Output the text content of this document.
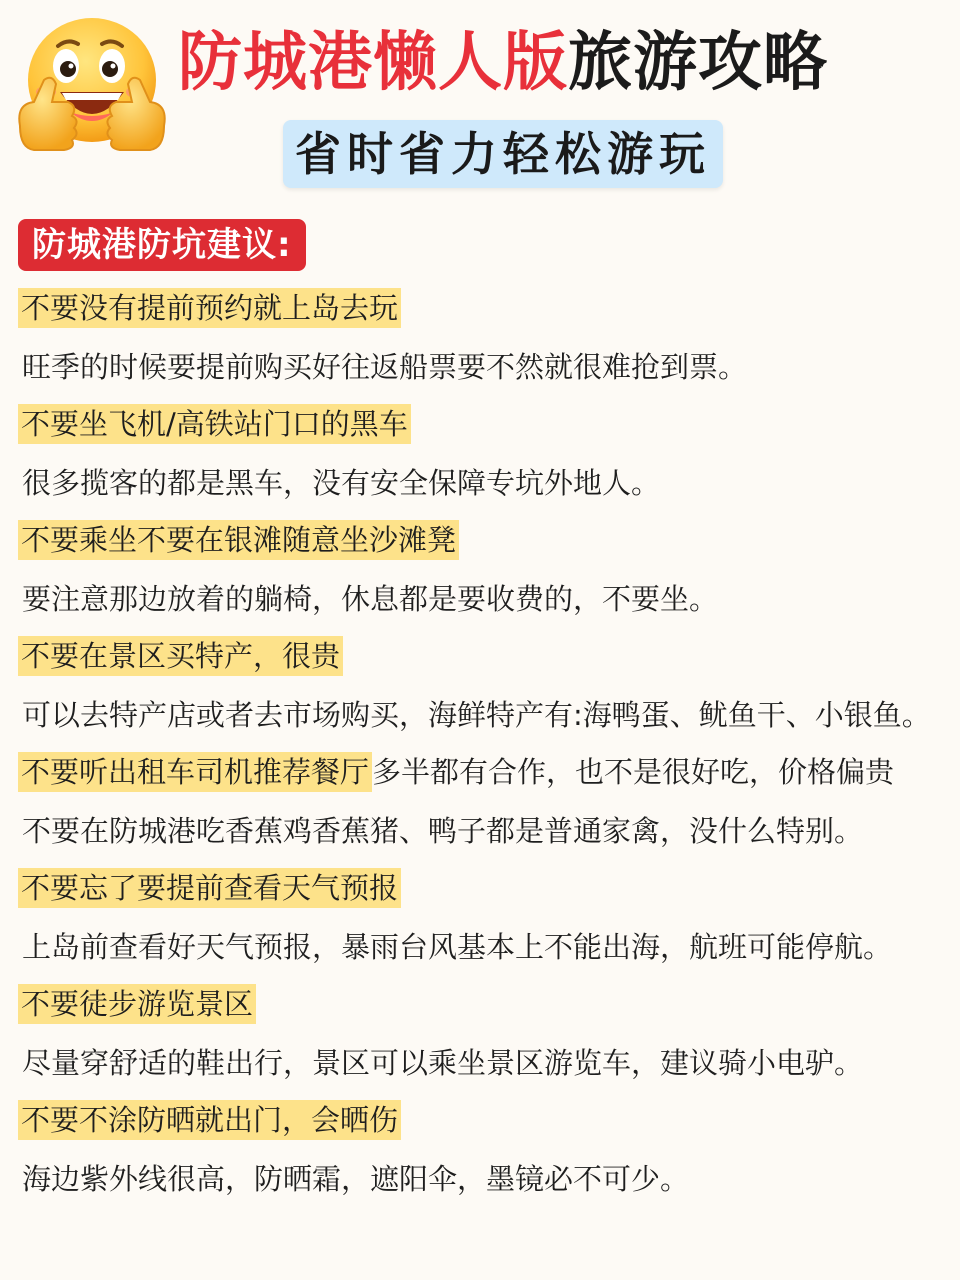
防城港懒人版旅游攻略
省时省力轻松游玩
防城港防坑建议:
不要没有提前预约就上岛去玩
旺季的时候要提前购买好往返船票要不然就很难抢到票。
不要坐飞机/高铁站门口的黑车
很多揽客的都是黑车，没有安全保障专坑外地人。
不要乘坐不要在银滩随意坐沙滩凳
要注意那边放着的躺椅，休息都是要收费的，不要坐。
不要在景区买特产，很贵
可以去特产店或者去市场购买，海鲜特产有:海鸭蛋、鱿鱼干、小银鱼。
不要听出租车司机推荐餐厅 多半都有合作，也不是很好吃，价格偏贵
不要在防城港吃香蕉鸡香蕉猪、鸭子都是普通家禽，没什么特别。
不要忘了要提前查看天气预报
上岛前查看好天气预报，暴雨台风基本上不能出海，航班可能停航。
不要徒步游览景区
尽量穿舒适的鞋出行，景区可以乘坐景区游览车，建议骑小电驴。
不要不涂防晒就出门，会晒伤
海边紫外线很高，防晒霜，遮阳伞，墨镜必不可少。
